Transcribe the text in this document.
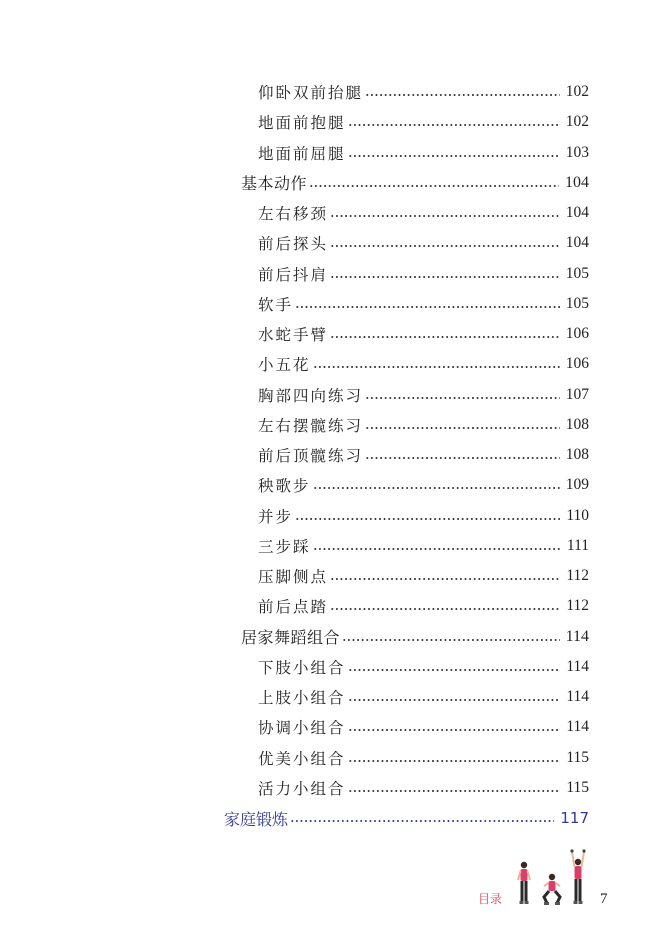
仰卧双前抬腿	102
地面前抱腿	102
地面前屈腿	103
基本动作	104
左右移颈	104
前后探头	104
前后抖肩	105
软手	105
水蛇手臂	106
小五花	106
胸部四向练习	107
左右摆髋练习	108
前后顶髋练习	108
秧歌步	109
并步	110
三步踩	111
压脚侧点	112
前后点踏	112
居家舞蹈组合	114
下肢小组合	114
上肢小组合	114
协调小组合	114
优美小组合	115
活力小组合	115
家庭锻炼	117
目录	7
